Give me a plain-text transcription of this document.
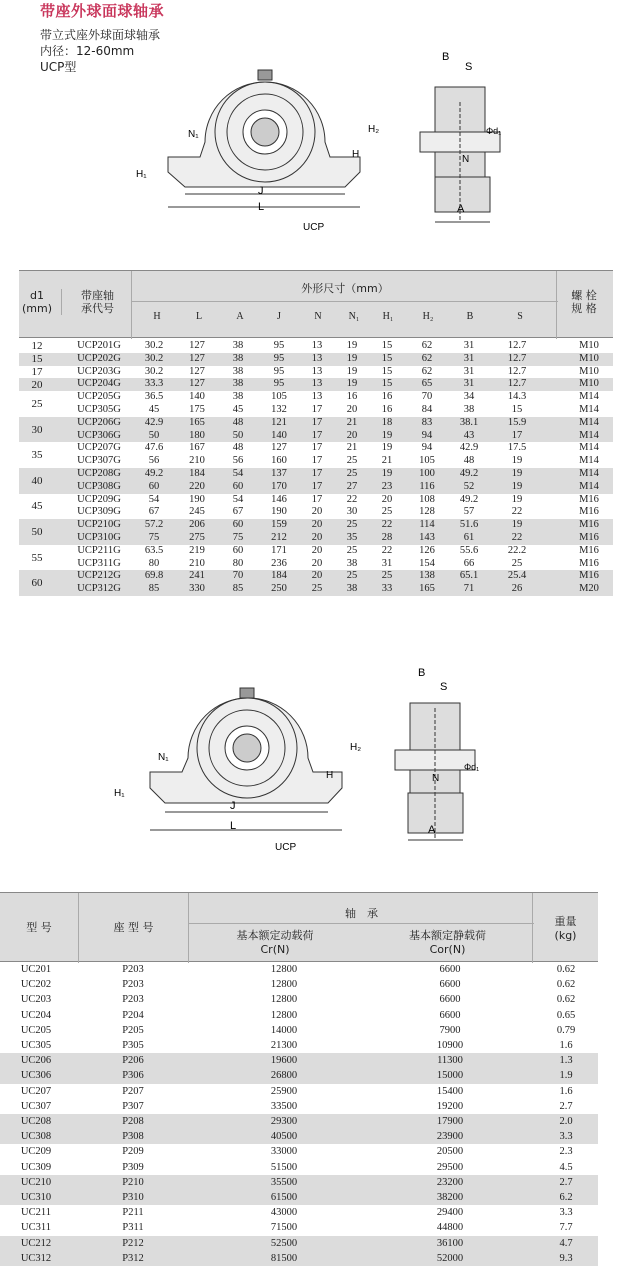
带座外球面球轴承
带立式座外球面球轴承
内径：12-60mm
UCP型
B
S
N₁
H₁
H
H₂
J
L
N
A
Φd₁
UCP
d1
(mm)
带座轴
承代号
外形尺寸（mm）
H	L	A	J	N	N₁	H₁	H₂	B	S
螺 栓
规 格
12	UCP201G	30.2	127	38	95	13	19	15	62	31	12.7	M10
15	UCP202G	30.2	127	38	95	13	19	15	62	31	12.7	M10
17	UCP203G	30.2	127	38	95	13	19	15	62	31	12.7	M10
20	UCP204G	33.3	127	38	95	13	19	15	65	31	12.7	M10
25
UCP205G	36.5	140	38	105	13	16	16	70	34	14.3	M14
UCP305G	45	175	45	132	17	20	16	84	38	15	M14
30
UCP206G	42.9	165	48	121	17	21	18	83	38.1	15.9	M14
UCP306G	50	180	50	140	17	20	19	94	43	17	M14
35
UCP207G	47.6	167	48	127	17	21	19	94	42.9	17.5	M14
UCP307G	56	210	56	160	17	25	21	105	48	19	M14
40
UCP208G	49.2	184	54	137	17	25	19	100	49.2	19	M14
UCP308G	60	220	60	170	17	27	23	116	52	19	M14
45
UCP209G	54	190	54	146	17	22	20	108	49.2	19	M16
UCP309G	67	245	67	190	20	30	25	128	57	22	M16
50
UCP210G	57.2	206	60	159	20	25	22	114	51.6	19	M16
UCP310G	75	275	75	212	20	35	28	143	61	22	M16
55
UCP211G	63.5	219	60	171	20	25	22	126	55.6	22.2	M16
UCP311G	80	210	80	236	20	38	31	154	66	25	M16
60
UCP212G	69.8	241	70	184	20	25	25	138	65.1	25.4	M16
UCP312G	85	330	85	250	25	38	33	165	71	26	M20
B
S
N₁
H₁
H
H₂
J
L
N
A
Φd₁
UCP
型 号	座 型 号
轴　承
基本额定动载荷
Cr(N)
基本额定静载荷
Cor(N)
重量
(kg)
UC201	P203	12800	6600	0.62
UC202	P203	12800	6600	0.62
UC203	P203	12800	6600	0.62
UC204	P204	12800	6600	0.65
UC205	P205	14000	7900	0.79
UC305	P305	21300	10900	1.6
UC206	P206	19600	11300	1.3
UC306	P306	26800	15000	1.9
UC207	P207	25900	15400	1.6
UC307	P307	33500	19200	2.7
UC208	P208	29300	17900	2.0
UC308	P308	40500	23900	3.3
UC209	P209	33000	20500	2.3
UC309	P309	51500	29500	4.5
UC210	P210	35500	23200	2.7
UC310	P310	61500	38200	6.2
UC211	P211	43000	29400	3.3
UC311	P311	71500	44800	7.7
UC212	P212	52500	36100	4.7
UC312	P312	81500	52000	9.3
